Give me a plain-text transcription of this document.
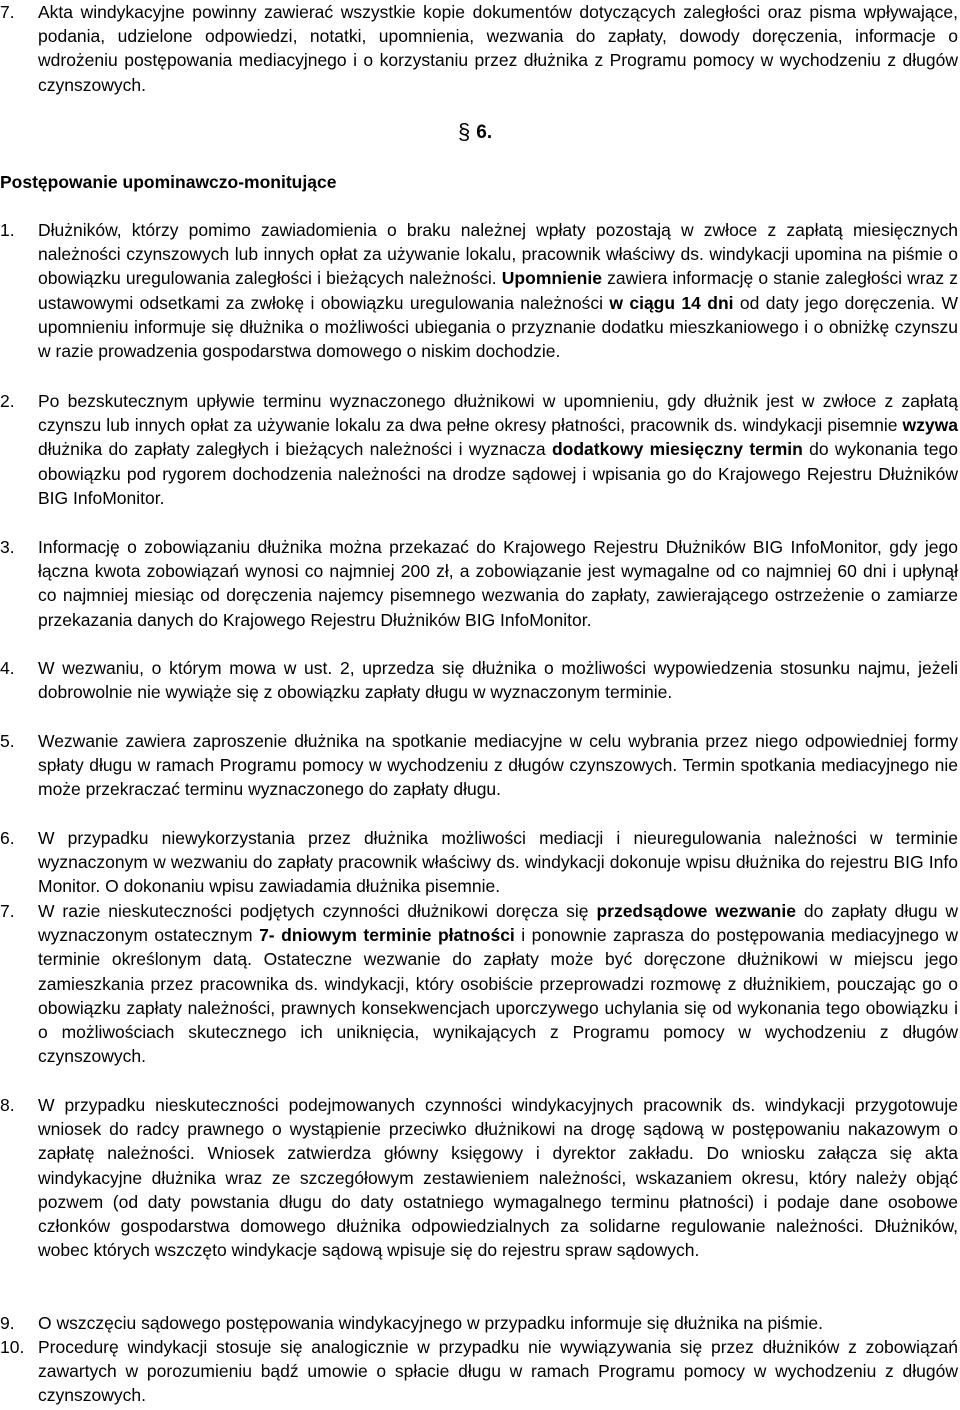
7.	Akta windykacyjne powinny zawierać wszystkie kopie dokumentów dotyczących zaległości oraz pisma wpływające, podania, udzielone odpowiedzi, notatki, upomnienia, wezwania do zapłaty, dowody doręczenia, informacje o wdrożeniu postępowania mediacyjnego i o korzystaniu przez dłużnika z Programu pomocy w wychodzeniu z długów czynszowych.
§ 6.
Postępowanie upominawczo-monitujące
1.	Dłużników, którzy pomimo zawiadomienia o braku należnej wpłaty pozostają w zwłoce z zapłatą miesięcznych należności czynszowych lub innych opłat za używanie lokalu, pracownik właściwy ds. windykacji upomina na piśmie o obowiązku uregulowania zaległości i bieżących należności. Upomnienie zawiera informację o stanie zaległości wraz z ustawowymi odsetkami za zwłokę i obowiązku uregulowania należności w ciągu 14 dni od daty jego doręczenia. W upomnieniu informuje się dłużnika o możliwości ubiegania o przyznanie dodatku mieszkaniowego i o obniżkę czynszu w razie prowadzenia gospodarstwa domowego o niskim dochodzie.
2.	Po bezskutecznym upływie terminu wyznaczonego dłużnikowi w upomnieniu, gdy dłużnik jest w zwłoce z zapłatą czynszu lub innych opłat za używanie lokalu za dwa pełne okresy płatności, pracownik ds. windykacji pisemnie wzywa dłużnika do zapłaty zaległych i bieżących należności i wyznacza dodatkowy miesięczny termin do wykonania tego obowiązku pod rygorem dochodzenia należności na drodze sądowej i wpisania go do Krajowego Rejestru Dłużników BIG InfoMonitor.
3.	Informację o zobowiązaniu dłużnika można przekazać do Krajowego Rejestru Dłużników BIG InfoMonitor, gdy jego łączna kwota zobowiązań wynosi co najmniej 200 zł, a zobowiązanie jest wymagalne od co najmniej 60 dni i upłynął co najmniej miesiąc od doręczenia najemcy pisemnego wezwania do zapłaty, zawierającego ostrzeżenie o zamiarze przekazania danych do Krajowego Rejestru Dłużników BIG InfoMonitor.
4.	W wezwaniu, o którym mowa w ust. 2, uprzedza się dłużnika o możliwości wypowiedzenia stosunku najmu, jeżeli dobrowolnie nie wywiąże się z obowiązku zapłaty długu w wyznaczonym terminie.
5.	Wezwanie zawiera zaproszenie dłużnika na spotkanie mediacyjne w celu wybrania przez niego odpowiedniej formy spłaty długu w ramach Programu pomocy w wychodzeniu z długów czynszowych. Termin spotkania mediacyjnego nie może przekraczać terminu wyznaczonego do zapłaty długu.
6.	W przypadku niewykorzystania przez dłużnika możliwości mediacji i nieuregulowania należności w terminie wyznaczonym w wezwaniu do zapłaty pracownik właściwy ds. windykacji dokonuje wpisu dłużnika do rejestru BIG Info Monitor. O dokonaniu wpisu zawiadamia dłużnika pisemnie.
7.	W razie nieskuteczności podjętych czynności dłużnikowi doręcza się przedsądowe wezwanie do zapłaty długu w wyznaczonym ostatecznym 7- dniowym terminie płatności i ponownie zaprasza do postępowania mediacyjnego w terminie określonym datą. Ostateczne wezwanie do zapłaty może być doręczone dłużnikowi w miejscu jego zamieszkania przez pracownika ds. windykacji, który osobiście przeprowadzi rozmowę z dłużnikiem, pouczając go o obowiązku zapłaty należności, prawnych konsekwencjach uporczywego uchylania się od wykonania tego obowiązku i o możliwościach skutecznego ich uniknięcia, wynikających z Programu pomocy w wychodzeniu z długów czynszowych.
8.	W przypadku nieskuteczności podejmowanych czynności windykacyjnych pracownik ds. windykacji przygotowuje wniosek do radcy prawnego o wystąpienie przeciwko dłużnikowi na drogę sądową w postępowaniu nakazowym o zapłatę należności. Wniosek zatwierdza główny księgowy i dyrektor zakładu. Do wniosku załącza się akta windykacyjne dłużnika wraz ze szczegółowym zestawieniem należności, wskazaniem okresu, który należy objąć pozwem (od daty powstania długu do daty ostatniego wymagalnego terminu płatności) i podaje dane osobowe członków gospodarstwa domowego dłużnika odpowiedzialnych za solidarne regulowanie należności. Dłużników, wobec których wszczęto windykacje sądową wpisuje się do rejestru spraw sądowych.
9.	O wszczęciu sądowego postępowania windykacyjnego w przypadku informuje się dłużnika na piśmie.
10. Procedurę windykacji stosuje się analogicznie w przypadku nie wywiązywania się przez dłużników z zobowiązań zawartych w porozumieniu bądź umowie o spłacie długu w ramach Programu pomocy w wychodzeniu z długów czynszowych.
